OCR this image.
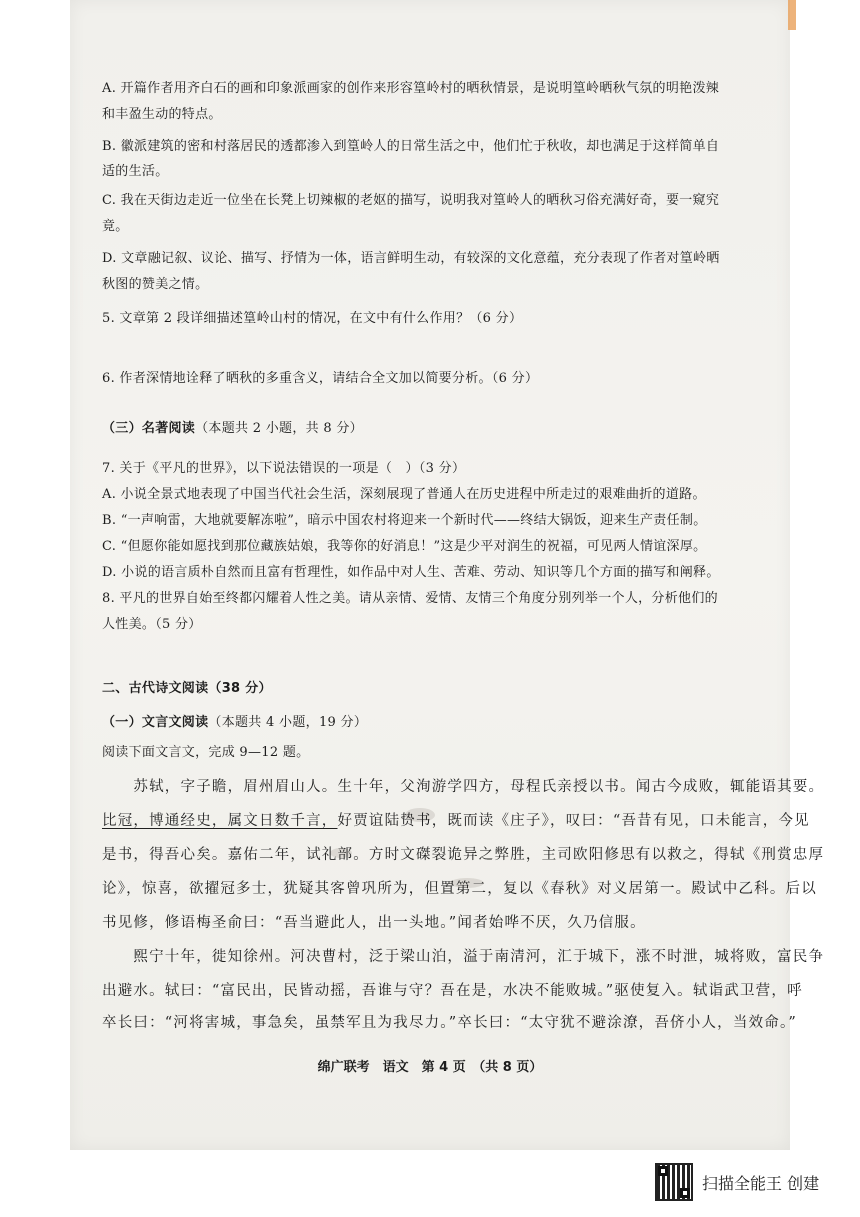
A. 开篇作者用齐白石的画和印象派画家的创作来形容篁岭村的晒秋情景，是说明篁岭晒秋气氛的明艳泼辣
和丰盈生动的特点。
B. 徽派建筑的密和村落居民的透都渗入到篁岭人的日常生活之中，他们忙于秋收，却也满足于这样简单自
适的生活。
C. 我在天街边走近一位坐在长凳上切辣椒的老妪的描写，说明我对篁岭人的晒秋习俗充满好奇，要一窥究
竟。
D. 文章融记叙、议论、描写、抒情为一体，语言鲜明生动，有较深的文化意蕴，充分表现了作者对篁岭晒
秋图的赞美之情。
5. 文章第 2 段详细描述篁岭山村的情况，在文中有什么作用？（6 分）
6. 作者深情地诠释了晒秋的多重含义，请结合全文加以简要分析。（6 分）
（三）名著阅读（本题共 2 小题，共 8 分）
7. 关于《平凡的世界》，以下说法错误的一项是（　）（3 分）
A. 小说全景式地表现了中国当代社会生活，深刻展现了普通人在历史进程中所走过的艰难曲折的道路。
B. “一声响雷，大地就要解冻啦”，暗示中国农村将迎来一个新时代——终结大锅饭，迎来生产责任制。
C. “但愿你能如愿找到那位藏族姑娘，我等你的好消息！”这是少平对润生的祝福，可见两人情谊深厚。
D. 小说的语言质朴自然而且富有哲理性，如作品中对人生、苦难、劳动、知识等几个方面的描写和阐释。
8. 平凡的世界自始至终都闪耀着人性之美。请从亲情、爱情、友情三个角度分别列举一个人，分析他们的
人性美。（5 分）
二、古代诗文阅读（38 分）
（一）文言文阅读（本题共 4 小题，19 分）
阅读下面文言文，完成 9—12 题。
　　苏轼，字子瞻，眉州眉山人。生十年，父洵游学四方，母程氏亲授以书。闻古今成败，辄能语其要。
比冠，博通经史，属文日数千言，好贾谊陆贽书，既而读《庄子》，叹曰：“吾昔有见，口未能言，今见
是书，得吾心矣。嘉佑二年，试礼部。方时文磔裂诡异之弊胜，主司欧阳修思有以救之，得轼《刑赏忠厚
论》，惊喜，欲擢冠多士，犹疑其客曾巩所为，但置第二，复以《春秋》对义居第一。殿试中乙科。后以
书见修，修语梅圣俞曰：“吾当避此人，出一头地。”闻者始哗不厌，久乃信服。
　　熙宁十年，徙知徐州。河决曹村，泛于梁山泊，溢于南清河，汇于城下，涨不时泄，城将败，富民争
出避水。轼曰：“富民出，民皆动摇，吾谁与守？吾在是，水决不能败城。”驱使复入。轼诣武卫营，呼
卒长曰：“河将害城，事急矣，虽禁军且为我尽力。”卒长曰：“太守犹不避涂潦，吾侪小人，当效命。”
绵广联考　语文　第 4 页　（共 8 页）
扫描全能王 创建
